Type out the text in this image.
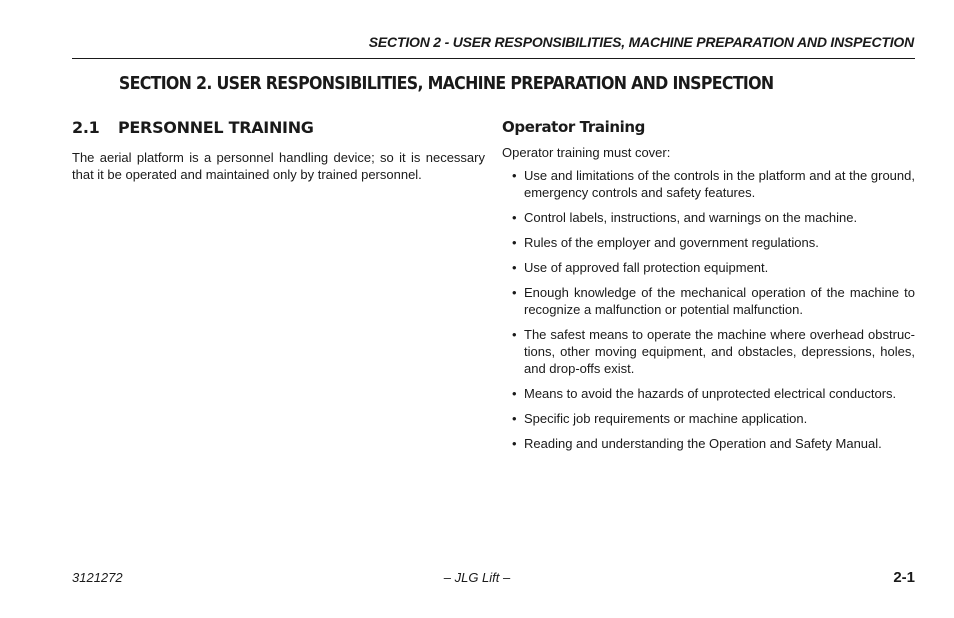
SECTION 2 - USER RESPONSIBILITIES, MACHINE PREPARATION AND INSPECTION
SECTION 2. USER RESPONSIBILITIES, MACHINE PREPARATION AND INSPECTION
2.1	PERSONNEL TRAINING

The aerial platform is a personnel handling device; so it is necessary that it be operated and maintained only by trained personnel.

Operator Training

Operator training must cover:

• Use and limitations of the controls in the platform and at the ground, emergency controls and safety features.
• Control labels, instructions, and warnings on the machine.
• Rules of the employer and government regulations.
• Use of approved fall protection equipment.
• Enough knowledge of the mechanical operation of the machine to recognize a malfunction or potential malfunction.
• The safest means to operate the machine where overhead obstruc-tions, other moving equipment, and obstacles, depressions, holes, and drop-offs exist.
• Means to avoid the hazards of unprotected electrical conductors.
• Specific job requirements or machine application.
• Reading and understanding the Operation and Safety Manual.
3121272	– JLG Lift –	2-1
